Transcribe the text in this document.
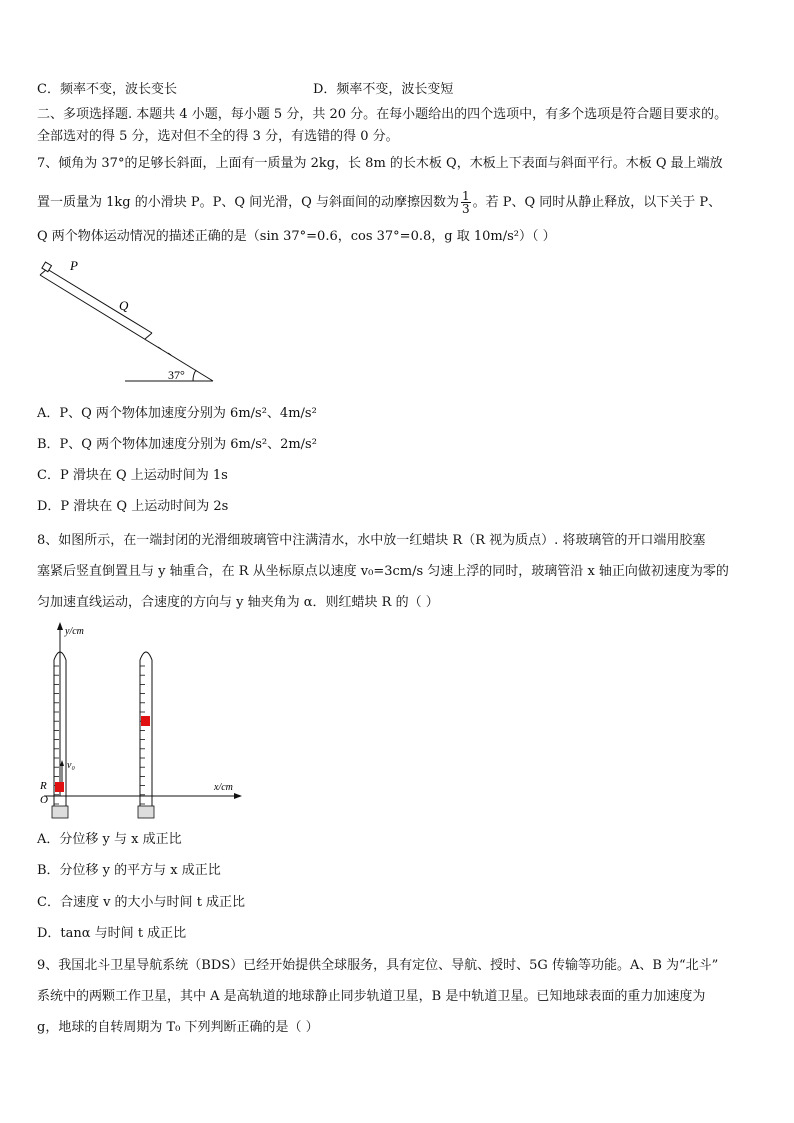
C．频率不变，波长变长	D．频率不变，波长变短
二、多项选择题. 本题共 4 小题，每小题 5 分，共 20 分。在每小题给出的四个选项中，有多个选项是符合题目要求的。
全部选对的得 5 分，选对但不全的得 3 分，有选错的得 0 分。
7、倾角为 37°的足够长斜面，上面有一质量为 2kg，长 8m 的长木板 Q，木板上下表面与斜面平行。木板 Q 最上端放
置一质量为 1kg 的小滑块 P。P、Q 间光滑，Q 与斜面间的动摩擦因数为 $\frac{1}{3}$ 。若 P、Q 同时从静止释放，以下关于 P、
Q 两个物体运动情况的描述正确的是（sin 37°=0.6，cos 37°=0.8，g 取 10m/s²）（ ）
P
Q
37°
A．P、Q 两个物体加速度分别为 6m/s²、4m/s²
B．P、Q 两个物体加速度分别为 6m/s²、2m/s²
C．P 滑块在 Q 上运动时间为 1s
D．P 滑块在 Q 上运动时间为 2s
8、如图所示，在一端封闭的光滑细玻璃管中注满清水，水中放一红蜡块 R（R 视为质点）. 将玻璃管的开口端用胶塞
塞紧后竖直倒置且与 y 轴重合，在 R 从坐标原点以速度 v₀=3cm/s 匀速上浮的同时，玻璃管沿 x 轴正向做初速度为零的
匀加速直线运动，合速度的方向与 y 轴夹角为 α．则红蜡块 R 的（ ）
y/cm
x/cm
R
O
v₀
A．分位移 y 与 x 成正比
B．分位移 y 的平方与 x 成正比
C．合速度 v 的大小与时间 t 成正比
D．tanα 与时间 t 成正比
9、我国北斗卫星导航系统（BDS）已经开始提供全球服务，具有定位、导航、授时、5G 传输等功能。A、B 为“北斗”
系统中的两颗工作卫星，其中 A 是高轨道的地球静止同步轨道卫星，B 是中轨道卫星。已知地球表面的重力加速度为
g，地球的自转周期为 T₀ 下列判断正确的是（ ）
